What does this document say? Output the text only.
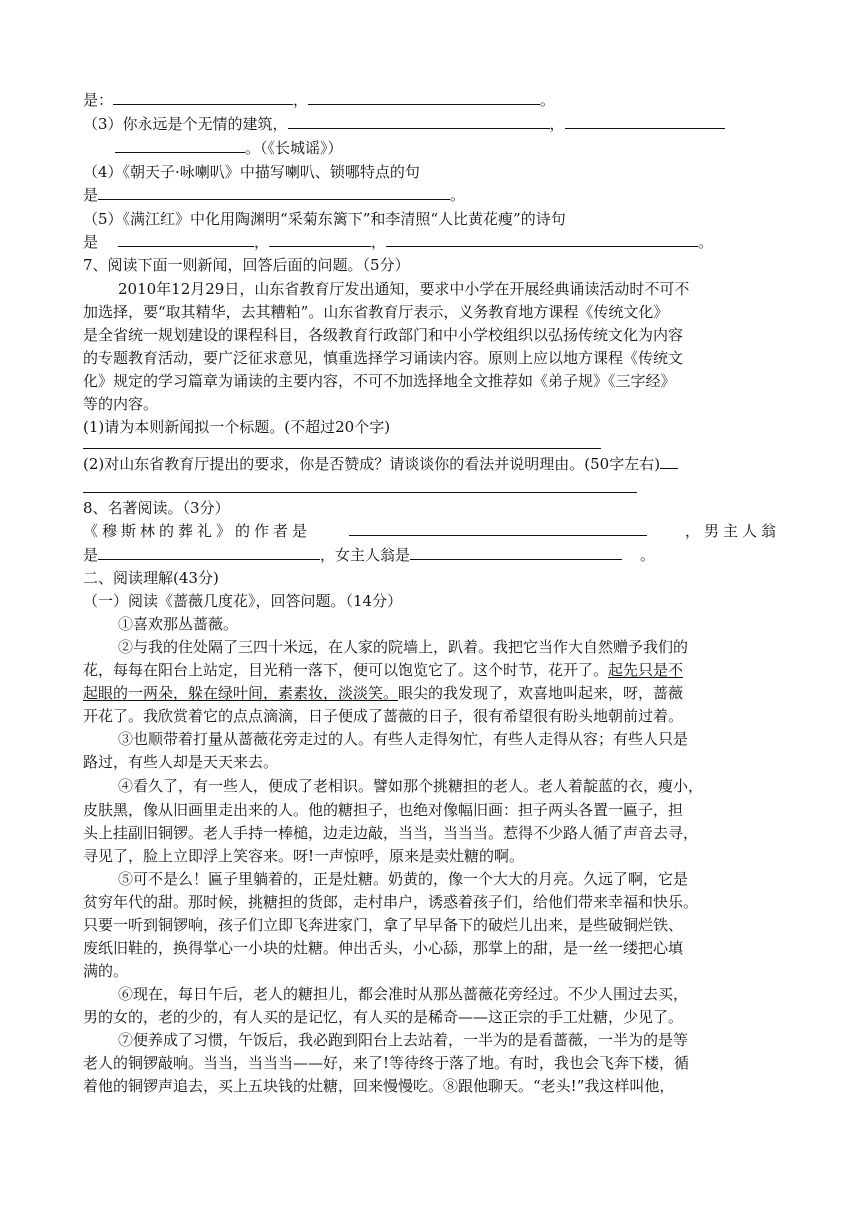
是：	，	。
（3）你永远是个无情的建筑，	，
。（《长城谣》）
（4）《朝天子·咏喇叭》中描写喇叭、锁哪特点的句
是	。
（5）《满江红》中化用陶渊明“采菊东篱下”和李清照“人比黄花瘦”的诗句
是	，	，	。
7、阅读下面一则新闻，回答后面的问题。（5分）
2010年12月29日，山东省教育厅发出通知，要求中小学在开展经典诵读活动时不可不
加选择，要“取其精华，去其糟粕”。山东省教育厅表示，义务教育地方课程《传统文化》
是全省统一规划建设的课程科目，各级教育行政部门和中小学校组织以弘扬传统文化为内容
的专题教育活动，要广泛征求意见，慎重选择学习诵读内容。原则上应以地方课程《传统文
化》规定的学习篇章为诵读的主要内容，不可不加选择地全文推荐如《弟子规》《三字经》
等的内容。
(1)请为本则新闻拟一个标题。(不超过20个字)
(2)对山东省教育厅提出的要求，你是否赞成？请谈谈你的看法并说明理由。(50字左右)
8、名著阅读。（3分）
《穆斯林的葬礼》的作者是	，男主人翁
是	，女主人翁是	。
二、阅读理解(43分)
（一）阅读《蔷薇几度花》，回答问题。（14分）
①喜欢那丛蔷薇。
②与我的住处隔了三四十米远，在人家的院墙上，趴着。我把它当作大自然赠予我们的
花，每每在阳台上站定，目光稍一落下，便可以饱览它了。这个时节，花开了。起先只是不
起眼的一两朵，躲在绿叶间，素素妆，淡淡笑。眼尖的我发现了，欢喜地叫起来，呀，蔷薇
开花了。我欣赏着它的点点滴滴，日子便成了蔷薇的日子，很有希望很有盼头地朝前过着。
③也顺带着打量从蔷薇花旁走过的人。有些人走得匆忙，有些人走得从容；有些人只是
路过，有些人却是天天来去。
④看久了，有一些人，便成了老相识。譬如那个挑糖担的老人。老人着靛蓝的衣，瘦小，
皮肤黑，像从旧画里走出来的人。他的糖担子，也绝对像幅旧画：担子两头各置一匾子，担
头上挂副旧铜锣。老人手持一棒槌，边走边敲，当当，当当当。惹得不少路人循了声音去寻，
寻见了，脸上立即浮上笑容来。呀!一声惊呼，原来是卖灶糖的啊。
⑤可不是么！匾子里躺着的，正是灶糖。奶黄的，像一个大大的月亮。久远了啊，它是
贫穷年代的甜。那时候，挑糖担的货郎，走村串户，诱惑着孩子们，给他们带来幸福和快乐。
只要一听到铜锣响，孩子们立即飞奔进家门，拿了早早备下的破烂儿出来，是些破铜烂铁、
废纸旧鞋的，换得掌心一小块的灶糖。伸出舌头，小心舔，那掌上的甜，是一丝一缕把心填
满的。
⑥现在，每日午后，老人的糖担儿，都会准时从那丛蔷薇花旁经过。不少人围过去买，
男的女的，老的少的，有人买的是记忆，有人买的是稀奇——这正宗的手工灶糖，少见了。
⑦便养成了习惯，午饭后，我必跑到阳台上去站着，一半为的是看蔷薇，一半为的是等
老人的铜锣敲响。当当，当当当——好，来了!等待终于落了地。有时，我也会飞奔下楼，循
着他的铜锣声追去，买上五块钱的灶糖，回来慢慢吃。⑧跟他聊天。“老头!”我这样叫他，
